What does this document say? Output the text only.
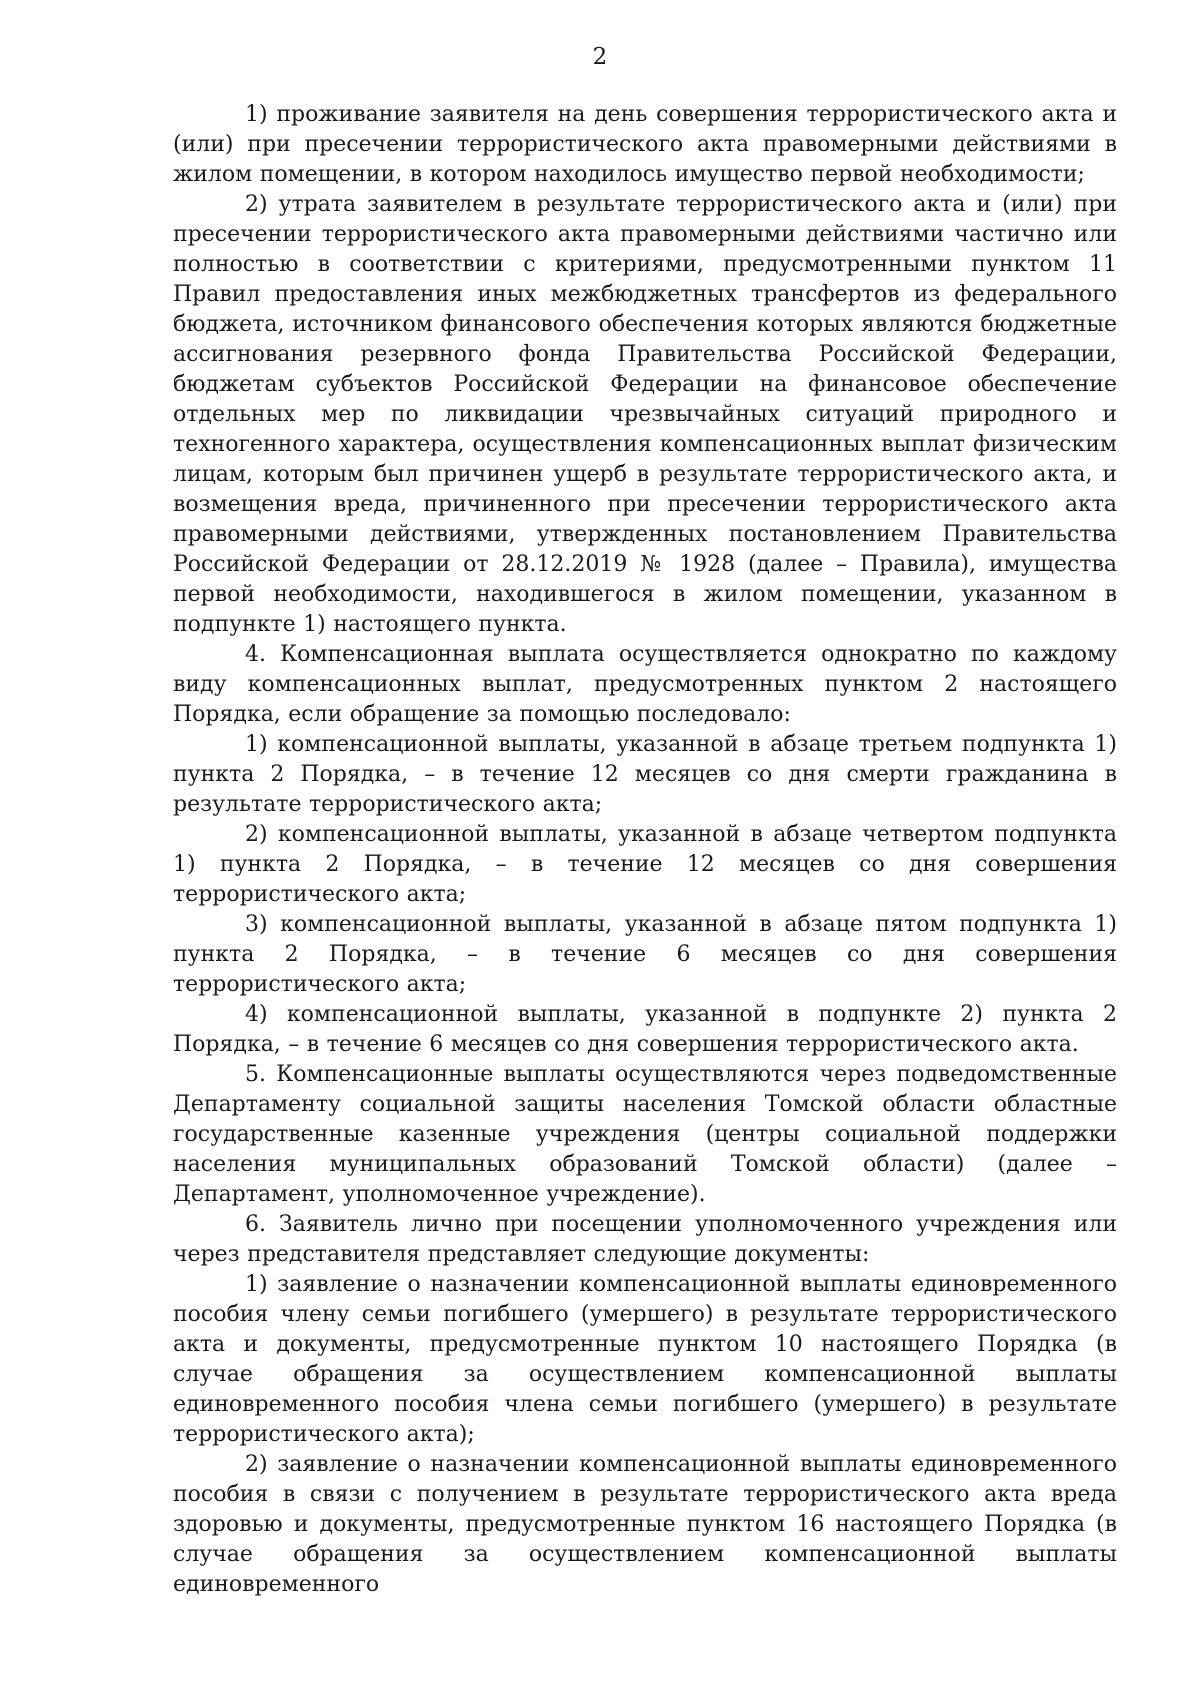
2

1) проживание заявителя на день совершения террористического акта и (или) при пресечении террористического акта правомерными действиями в жилом помещении, в котором находилось имущество первой необходимости;

2) утрата заявителем в результате террористического акта и (или) при пресечении террористического акта правомерными действиями частично или полностью в соответствии с критериями, предусмотренными пунктом 11 Правил предоставления иных межбюджетных трансфертов из федерального бюджета, источником финансового обеспечения которых являются бюджетные ассигнования резервного фонда Правительства Российской Федерации, бюджетам субъектов Российской Федерации на финансовое обеспечение отдельных мер по ликвидации чрезвычайных ситуаций природного и техногенного характера, осуществления компенсационных выплат физическим лицам, которым был причинен ущерб в результате террористического акта, и возмещения вреда, причиненного при пресечении террористического акта правомерными действиями, утвержденных постановлением Правительства Российской Федерации от 28.12.2019 № 1928 (далее – Правила), имущества первой необходимости, находившегося в жилом помещении, указанном в подпункте 1) настоящего пункта.

4. Компенсационная выплата осуществляется однократно по каждому виду компенсационных выплат, предусмотренных пунктом 2 настоящего Порядка, если обращение за помощью последовало:

1) компенсационной выплаты, указанной в абзаце третьем подпункта 1) пункта 2 Порядка, – в течение 12 месяцев со дня смерти гражданина в результате террористического акта;

2) компенсационной выплаты, указанной в абзаце четвертом подпункта 1) пункта 2 Порядка, – в течение 12 месяцев со дня совершения террористического акта;

3) компенсационной выплаты, указанной в абзаце пятом подпункта 1) пункта 2 Порядка, – в течение 6 месяцев со дня совершения террористического акта;

4) компенсационной выплаты, указанной в подпункте 2) пункта 2 Порядка, – в течение 6 месяцев со дня совершения террористического акта.

5. Компенсационные выплаты осуществляются через подведомственные Департаменту социальной защиты населения Томской области областные государственные казенные учреждения (центры социальной поддержки населения муниципальных образований Томской области) (далее – Департамент, уполномоченное учреждение).

6. Заявитель лично при посещении уполномоченного учреждения или через представителя представляет следующие документы:

1) заявление о назначении компенсационной выплаты единовременного пособия члену семьи погибшего (умершего) в результате террористического акта и документы, предусмотренные пунктом 10 настоящего Порядка (в случае обращения за осуществлением компенсационной выплаты единовременного пособия члена семьи погибшего (умершего) в результате террористического акта);

2) заявление о назначении компенсационной выплаты единовременного пособия в связи с получением в результате террористического акта вреда здоровью и документы, предусмотренные пунктом 16 настоящего Порядка (в случае обращения за осуществлением компенсационной выплаты единовременного
